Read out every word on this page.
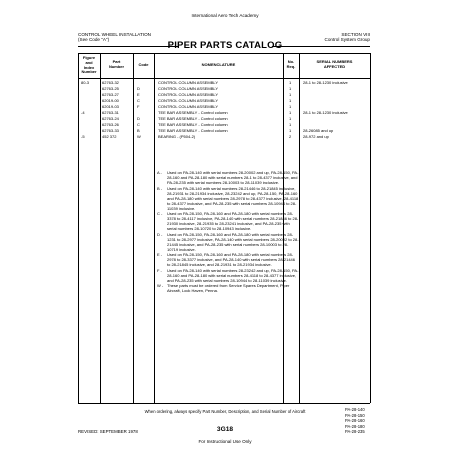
International Aero Tech Academy
CONTROL WHEEL INSTALLATION
(See Code "A")
SECTION VIII
Control System Group
PIPER PARTS CATALOG
Figure
and
Index
Number
Part
Number	Code	NOMENCLATURE
No.
Req.
SERIAL NUMBERS
AFFECTED
80-3	62763-32	CONTROL COLUMN ASSEMBLY	1	28-1 to 28-1230 inclusive
62763-25	D	CONTROL COLUMN ASSEMBLY	1
62763-27	E	CONTROL COLUMN ASSEMBLY	1
62019-00	C	CONTROL COLUMN ASSEMBLY	1
62019-03	F	CONTROL COLUMN ASSEMBLY	1
-4	62763-31	TEE BAR ASSEMBLY - Control column	1	28-1 to 28-1230 inclusive
62763-24	D	TEE BAR ASSEMBLY - Control column	1
62763-26	C	TEE BAR ASSEMBLY - Control column	1
62763-33	B	TEE BAR ASSEMBLY - Control column	1	28-26085 and up
-5	452 372	W	BEARING - (P504-2)	2	28-972 and up
A - Used on PA-28-140 with serial numbers 28-20002 and up, PA-28-150, PA-28-160 and PA-28-180 with serial numbers 28-1 to 28-4377 inclusive, and PA-28-235 with serial numbers 28-10003 to 28-11039 inclusive.
B - Used on PA-28-140 with serial numbers 28-21446 to 28-21845 inclusive, 28-21931 to 28-21934 inclusive, 28-23242 and up, PA-28-150, PA-28-160 and PA-28-180 with serial numbers 28-2978 to 28-4377 inclusive, 28-4118 to 28-4377 inclusive, and PA-28-235 with serial numbers 28-10944 to 28-11039 inclusive.
C - Used on PA-28-150, PA-28-160 and PA-28-180 with serial numbers 28-3378 to 28-4117 inclusive, PA-28-140 with serial numbers 28-21846 to 28-21930 inclusive, 28-21935 to 28-23241 inclusive, and PA-28-235 with serial numbers 28-10720 to 28-10943 inclusive.
D - Used on PA-28-150, PA-28-160 and PA-28-180 with serial numbers 28-1231 to 28-2977 inclusive, PA-28-140 with serial numbers 28-20002 to 28-21445 inclusive, and PA-28-235 with serial numbers 28-10003 to 28-10719 inclusive.
E - Used on PA-28-150, PA-28-160 and PA-28-180 with serial numbers 28-2978 to 28-3377 inclusive, and PA-28-140 with serial numbers 28-21446 to 28-21845 inclusive, and 28-21931 to 28-21934 inclusive.
F - Used on PA-28-140 with serial numbers 28-23242 and up, PA-28-150, PA-28-160 and PA-28-180 with serial numbers 28-4118 to 28-4377 inclusive, and PA-28-235 with serial numbers 28-10944 to 28-11039 inclusive.
W - These parts must be ordered from Service Spares Department, Piper Aircraft, Lock Haven, Penna.
When ordering, always specify Part Number, Description, and Serial Number of Aircraft	PA-28-140
PA-28-150
PA-28-160
PA-28-180
PA-28-235
REVISED: SEPTEMBER 1978	3G18
For Instructional Use Only
